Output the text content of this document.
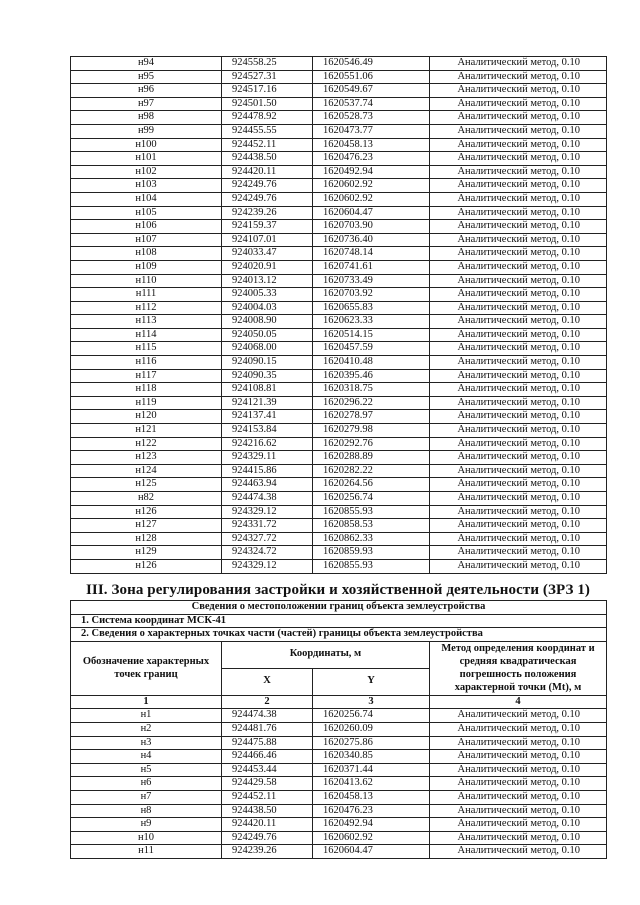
н94	924558.25	1620546.49	Аналитический метод, 0.10
н95	924527.31	1620551.06	Аналитический метод, 0.10
н96	924517.16	1620549.67	Аналитический метод, 0.10
н97	924501.50	1620537.74	Аналитический метод, 0.10
н98	924478.92	1620528.73	Аналитический метод, 0.10
н99	924455.55	1620473.77	Аналитический метод, 0.10
н100	924452.11	1620458.13	Аналитический метод, 0.10
н101	924438.50	1620476.23	Аналитический метод, 0.10
н102	924420.11	1620492.94	Аналитический метод, 0.10
н103	924249.76	1620602.92	Аналитический метод, 0.10
н104	924249.76	1620602.92	Аналитический метод, 0.10
н105	924239.26	1620604.47	Аналитический метод, 0.10
н106	924159.37	1620703.90	Аналитический метод, 0.10
н107	924107.01	1620736.40	Аналитический метод, 0.10
н108	924033.47	1620748.14	Аналитический метод, 0.10
н109	924020.91	1620741.61	Аналитический метод, 0.10
н110	924013.12	1620733.49	Аналитический метод, 0.10
н111	924005.33	1620703.92	Аналитический метод, 0.10
н112	924004.03	1620655.83	Аналитический метод, 0.10
н113	924008.90	1620623.33	Аналитический метод, 0.10
н114	924050.05	1620514.15	Аналитический метод, 0.10
н115	924068.00	1620457.59	Аналитический метод, 0.10
н116	924090.15	1620410.48	Аналитический метод, 0.10
н117	924090.35	1620395.46	Аналитический метод, 0.10
н118	924108.81	1620318.75	Аналитический метод, 0.10
н119	924121.39	1620296.22	Аналитический метод, 0.10
н120	924137.41	1620278.97	Аналитический метод, 0.10
н121	924153.84	1620279.98	Аналитический метод, 0.10
н122	924216.62	1620292.76	Аналитический метод, 0.10
н123	924329.11	1620288.89	Аналитический метод, 0.10
н124	924415.86	1620282.22	Аналитический метод, 0.10
н125	924463.94	1620264.56	Аналитический метод, 0.10
н82	924474.38	1620256.74	Аналитический метод, 0.10
н126	924329.12	1620855.93	Аналитический метод, 0.10
н127	924331.72	1620858.53	Аналитический метод, 0.10
н128	924327.72	1620862.33	Аналитический метод, 0.10
н129	924324.72	1620859.93	Аналитический метод, 0.10
н126	924329.12	1620855.93	Аналитический метод, 0.10
III. Зона регулирования застройки и хозяйственной деятельности (ЗРЗ 1)
Сведения о местоположении границ объекта землеустройства			
1. Система координат МСК-41			
2. Сведения о характерных точках части (частей) границы объекта землеустройства			
Обозначение характерных точек границ	Координаты, м		Метод определения координат и средняя квадратическая погрешность положения характерной точки (Mt), м
	X	Y	
1	2	3	4
н1	924474.38	1620256.74	Аналитический метод, 0.10
н2	924481.76	1620260.09	Аналитический метод, 0.10
н3	924475.88	1620275.86	Аналитический метод, 0.10
н4	924466.46	1620340.85	Аналитический метод, 0.10
н5	924453.44	1620371.44	Аналитический метод, 0.10
н6	924429.58	1620413.62	Аналитический метод, 0.10
н7	924452.11	1620458.13	Аналитический метод, 0.10
н8	924438.50	1620476.23	Аналитический метод, 0.10
н9	924420.11	1620492.94	Аналитический метод, 0.10
н10	924249.76	1620602.92	Аналитический метод, 0.10
н11	924239.26	1620604.47	Аналитический метод, 0.10
